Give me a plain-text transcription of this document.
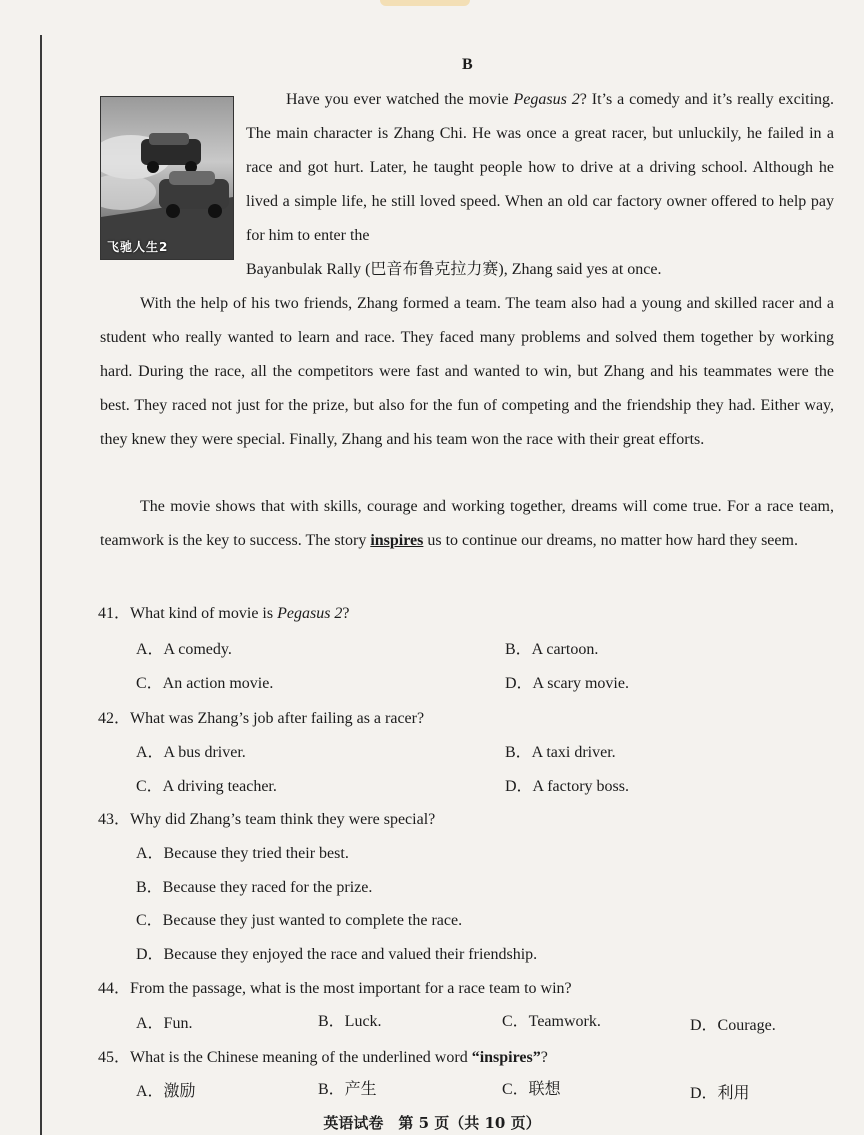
B
飞驰人生2

Have you ever watched the movie Pegasus 2? It’s a comedy and it’s really exciting. The main character is Zhang Chi. He was once a great racer, but unluckily, he failed in a race and got hurt. Later, he taught people how to drive at a driving school. Although he lived a simple life, he still loved speed. When an old car factory owner offered to help pay for him to enter the

Bayanbulak Rally (巴音布鲁克拉力赛), Zhang said yes at once.

With the help of his two friends, Zhang formed a team. The team also had a young and skilled racer and a student who really wanted to learn and race. They faced many problems and solved them together by working hard. During the race, all the competitors were fast and wanted to win, but Zhang and his teammates were the best. They raced not just for the prize, but also for the fun of competing and the friendship they had. Either way, they knew they were special. Finally, Zhang and his team won the race with their great efforts.

The movie shows that with skills, courage and working together, dreams will come true. For a race team, teamwork is the key to success. The story inspires us to continue our dreams, no matter how hard they seem.

41．What kind of movie is Pegasus 2?
A．A comedy.	B．A cartoon.
C．An action movie.	D．A scary movie.
42．What was Zhang’s job after failing as a racer?
A．A bus driver.	B．A taxi driver.
C．A driving teacher.	D．A factory boss.
43．Why did Zhang’s team think they were special?
A．Because they tried their best.
B．Because they raced for the prize.
C．Because they just wanted to complete the race.
D．Because they enjoyed the race and valued their friendship.
44．From the passage, what is the most important for a race team to win?
A．Fun.	B．Luck.	C．Teamwork.	D．Courage.
45．What is the Chinese meaning of the underlined word “inspires”?
A．激励	B．产生	C．联想	D．利用
英语试卷　第 5 页（共 10 页）
